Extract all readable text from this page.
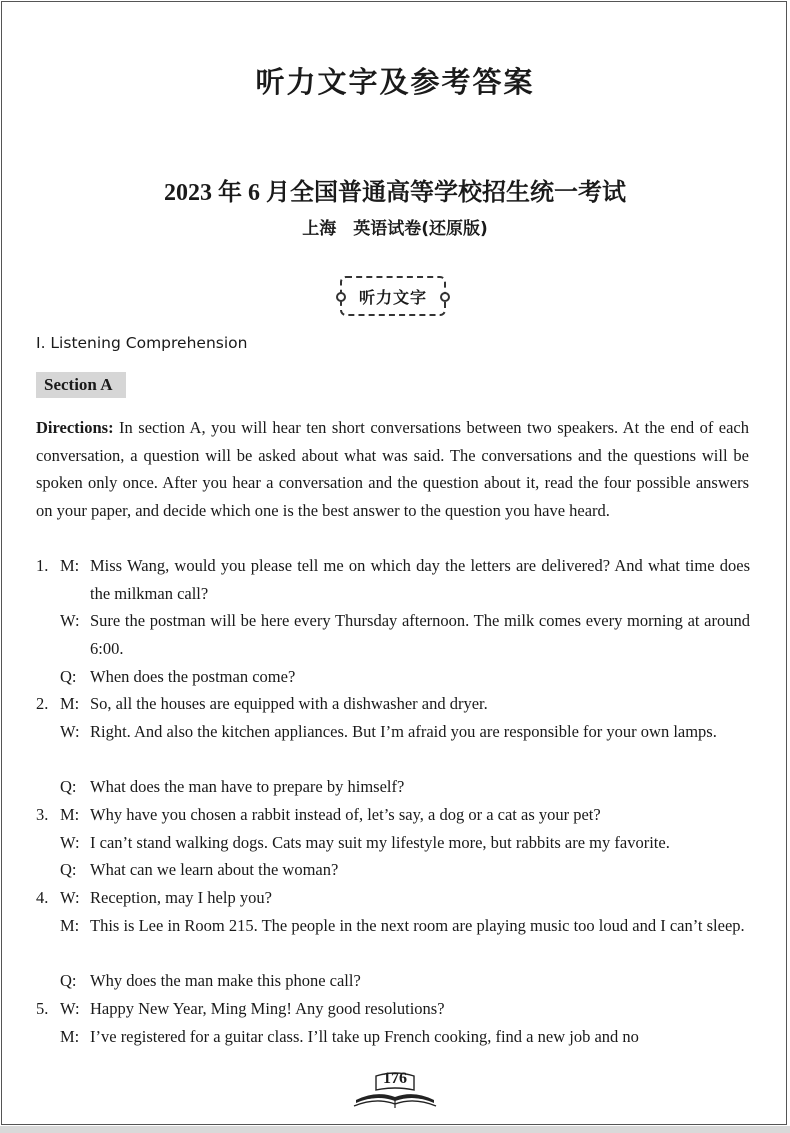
听力文字及参考答案
2023 年 6 月全国普通高等学校招生统一考试
上海　英语试卷(还原版)
听力文字
I. Listening Comprehension
Section A
Directions: In section A, you will hear ten short conversations between two speakers. At the end of each conversation, a question will be asked about what was said. The conversations and the questions will be spoken only once. After you hear a conversation and the question about it, read the four possible answers on your paper, and decide which one is the best answer to the question you have heard.
1. M: Miss Wang, would you please tell me on which day the letters are delivered? And what time does the milkman call?
W: Sure the postman will be here every Thursday afternoon. The milk comes every morning at around 6:00.
Q: When does the postman come?
2. M: So, all the houses are equipped with a dishwasher and dryer.
W: Right. And also the kitchen appliances. But I’m afraid you are responsible for your own lamps.
Q: What does the man have to prepare by himself?
3. M: Why have you chosen a rabbit instead of, let’s say, a dog or a cat as your pet?
W: I can’t stand walking dogs. Cats may suit my lifestyle more, but rabbits are my favorite.
Q: What can we learn about the woman?
4. W: Reception, may I help you?
M: This is Lee in Room 215. The people in the next room are playing music too loud and I can’t sleep.
Q: Why does the man make this phone call?
5. W: Happy New Year, Ming Ming! Any good resolutions?
M: I’ve registered for a guitar class. I’ll take up French cooking, find a new job and no
176
